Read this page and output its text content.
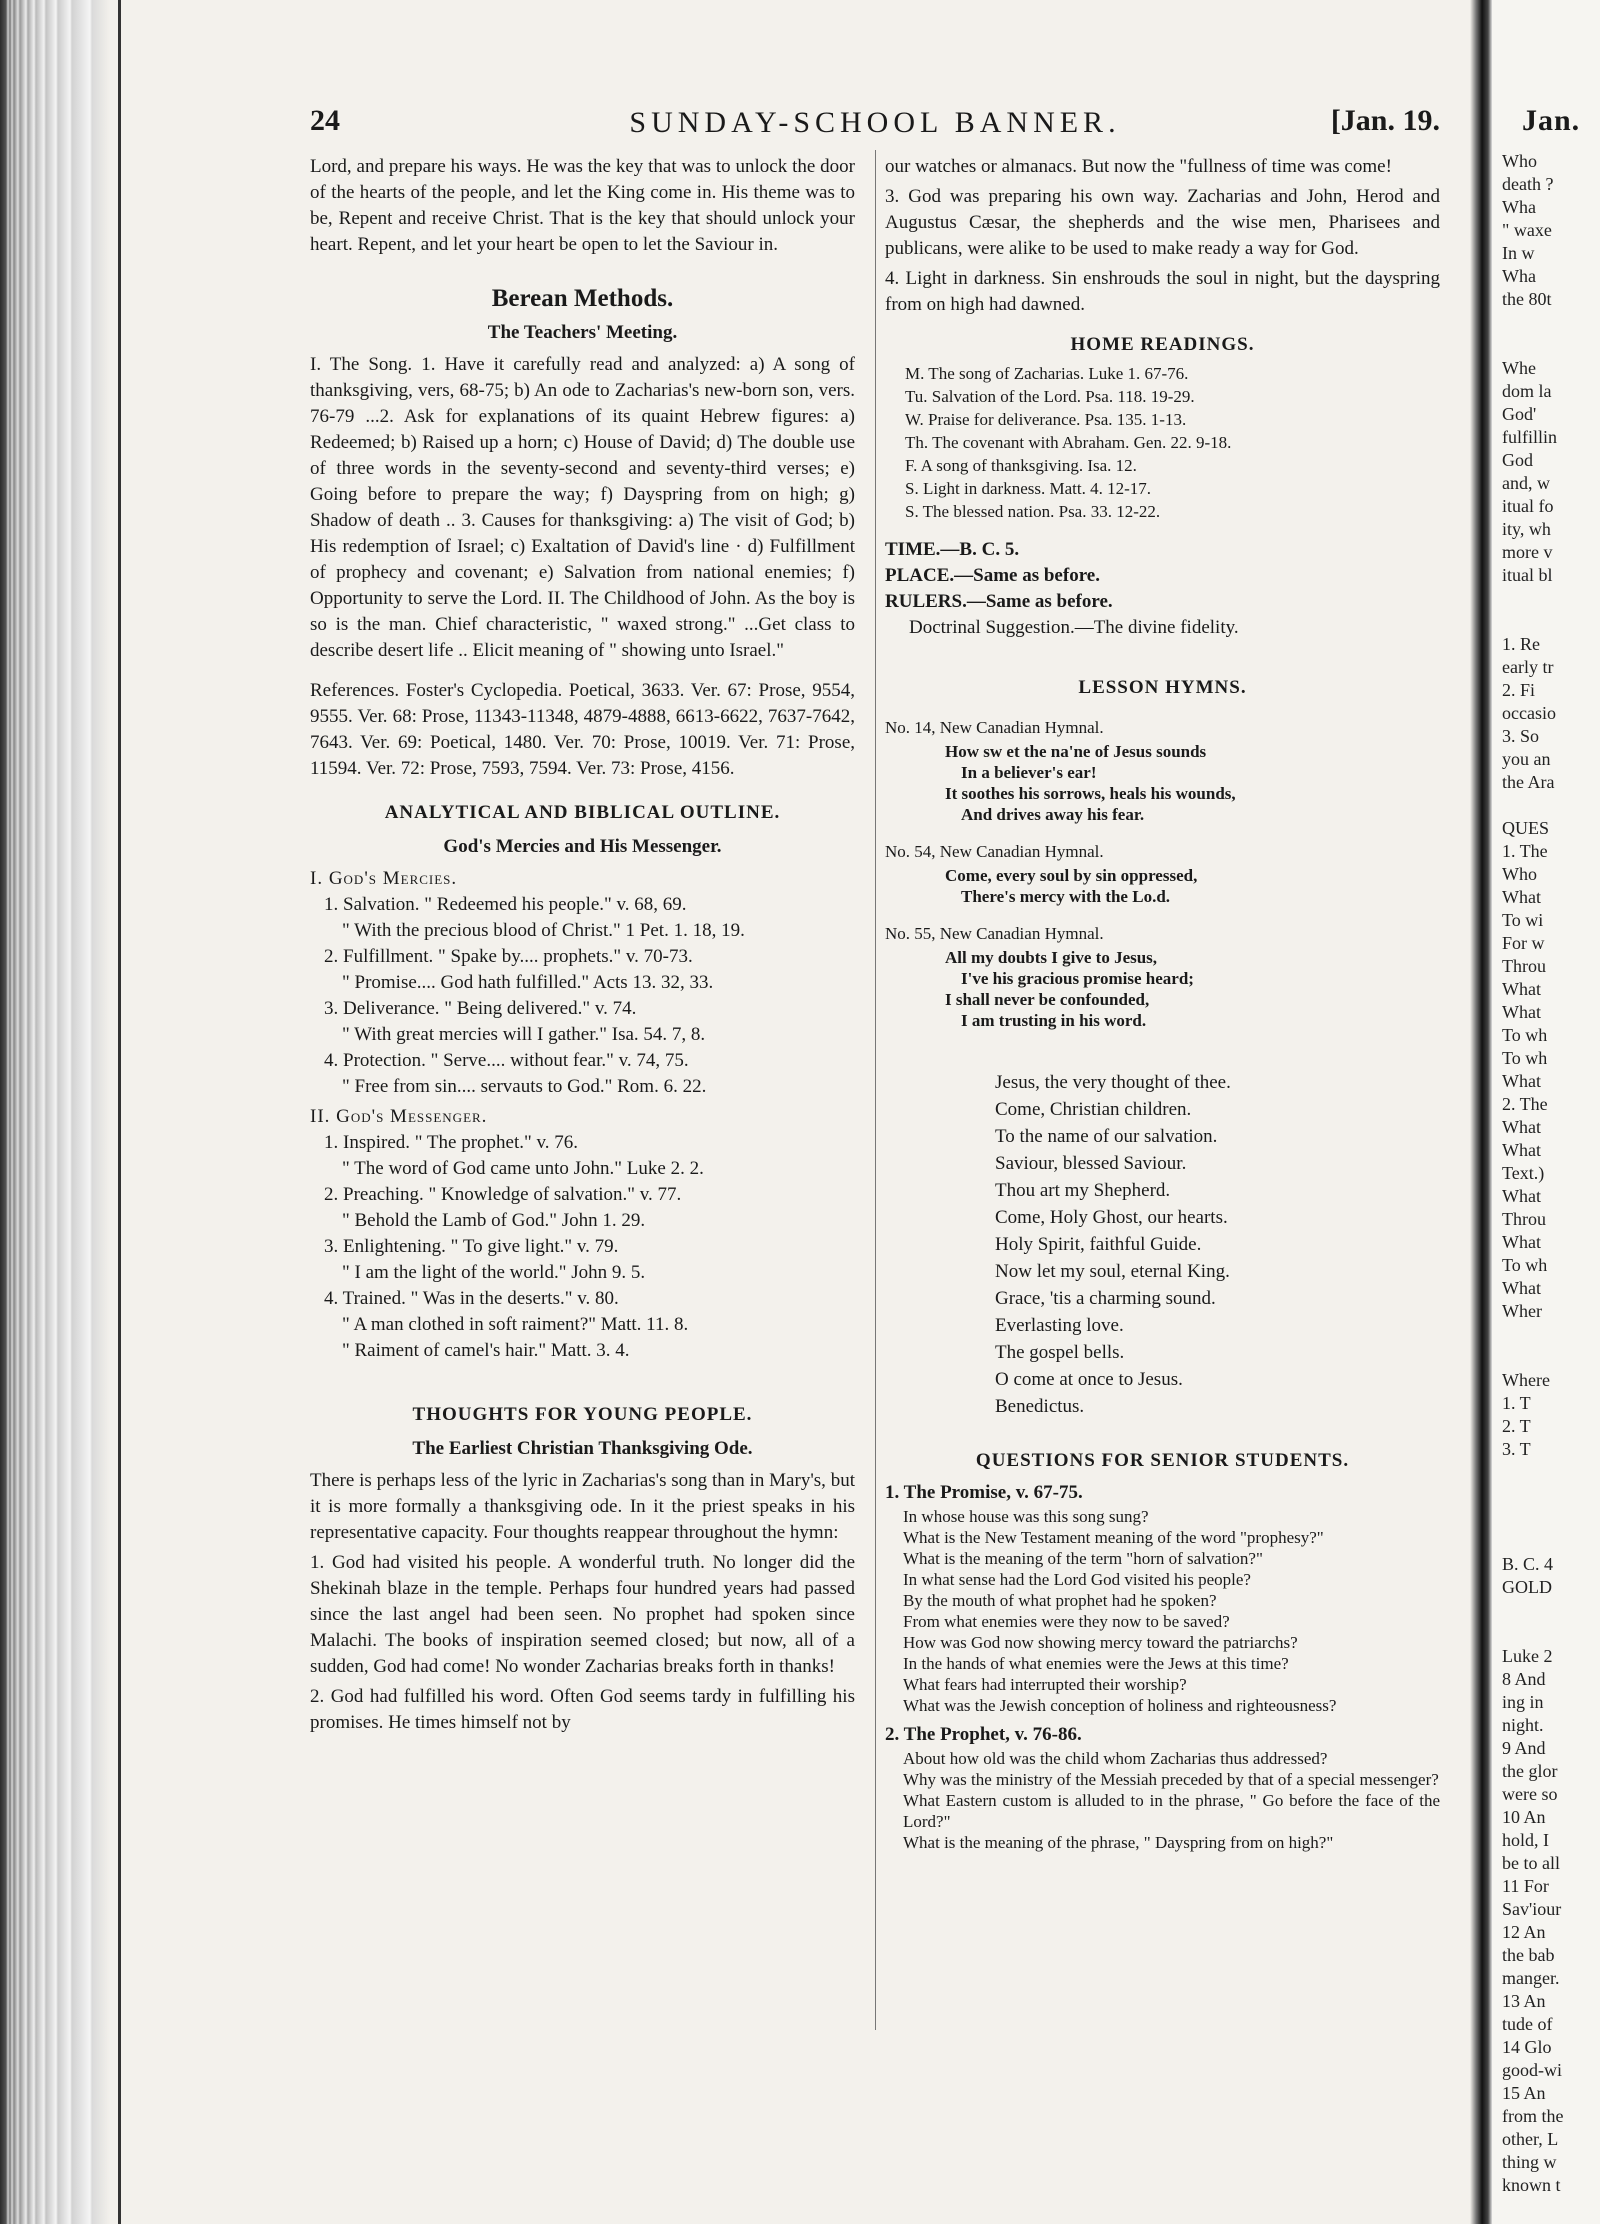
Jan.
Who
death ?
Wha
" waxe
In w
Wha
the 80t

Whe
dom la
God'
fulfillin
God
and, w
itual fo
ity, wh
more v
itual bl

1. Re
early tr
2. Fi
occasio
3. So
you an
the Ara

QUES
1. The
Who
What
To wi
For w
Throu
What
What
To wh
To wh
What
2. The
What
What
Text.)
What
Throu
What
To wh
What
Wher

Where
1. T
2. T
3. T

B. C. 4
GOLD

Luke 2
8 And
ing in
night.
9 And
the glor
were so
10 An
hold, I
be to all
11 For
Sav'iour
12 An
the bab
manger.
13 An
tude of
14 Glo
good-wi
15 An
from the
other, L
thing w
known t
24	SUNDAY-SCHOOL BANNER.	[Jan. 19.

Lord, and prepare his ways. He was the key that was to unlock the door of the hearts of the people, and let the King come in. His theme was to be, Repent and receive Christ. That is the key that should unlock your heart. Repent, and let your heart be open to let the Saviour in.

Berean Methods.
The Teachers' Meeting.

I. The Song. 1. Have it carefully read and analyzed: a) A song of thanksgiving, vers, 68-75; b) An ode to Zacharias's new-born son, vers. 76-79 ...2. Ask for explanations of its quaint Hebrew figures: a) Redeemed; b) Raised up a horn; c) House of David; d) The double use of three words in the seventy-second and seventy-third verses; e) Going before to prepare the way; f) Dayspring from on high; g) Shadow of death .. 3. Causes for thanksgiving: a) The visit of God; b) His redemption of Israel; c) Exaltation of David's line · d) Fulfillment of prophecy and covenant; e) Salvation from national enemies; f) Opportunity to serve the Lord. II. The Childhood of John. As the boy is so is the man. Chief characteristic, " waxed strong." ...Get class to describe desert life .. Elicit meaning of " showing unto Israel."

References. Foster's Cyclopedia. Poetical, 3633. Ver. 67: Prose, 9554, 9555. Ver. 68: Prose, 11343-11348, 4879-4888, 6613-6622, 7637-7642, 7643. Ver. 69: Poetical, 1480. Ver. 70: Prose, 10019. Ver. 71: Prose, 11594. Ver. 72: Prose, 7593, 7594. Ver. 73: Prose, 4156.

ANALYTICAL AND BIBLICAL OUTLINE.
God's Mercies and His Messenger.
I. God's Mercies.
1. Salvation. " Redeemed his people." v. 68, 69.
" With the precious blood of Christ." 1 Pet. 1. 18, 19.
2. Fulfillment. " Spake by.... prophets." v. 70-73.
" Promise.... God hath fulfilled." Acts 13. 32, 33.
3. Deliverance. " Being delivered." v. 74.
" With great mercies will I gather." Isa. 54. 7, 8.
4. Protection. " Serve.... without fear." v. 74, 75.
" Free from sin.... servauts to God." Rom. 6. 22.
II. God's Messenger.
1. Inspired. " The prophet." v. 76.
" The word of God came unto John." Luke 2. 2.
2. Preaching. " Knowledge of salvation." v. 77.
" Behold the Lamb of God." John 1. 29.
3. Enlightening. " To give light." v. 79.
" I am the light of the world." John 9. 5.
4. Trained. " Was in the deserts." v. 80.
" A man clothed in soft raiment?" Matt. 11. 8.
" Raiment of camel's hair." Matt. 3. 4.
THOUGHTS FOR YOUNG PEOPLE.
The Earliest Christian Thanksgiving Ode.

There is perhaps less of the lyric in Zacharias's song than in Mary's, but it is more formally a thanksgiving ode. In it the priest speaks in his representative capacity. Four thoughts reappear throughout the hymn:

1. God had visited his people. A wonderful truth. No longer did the Shekinah blaze in the temple. Perhaps four hundred years had passed since the last angel had been seen. No prophet had spoken since Malachi. The books of inspiration seemed closed; but now, all of a sudden, God had come! No wonder Zacharias breaks forth in thanks!

2. God had fulfilled his word. Often God seems tardy in fulfilling his promises. He times himself not by

our watches or almanacs. But now the "fullness of time was come!

3. God was preparing his own way. Zacharias and John, Herod and Augustus Cæsar, the shepherds and the wise men, Pharisees and publicans, were alike to be used to make ready a way for God.

4. Light in darkness. Sin enshrouds the soul in night, but the dayspring from on high had dawned.

HOME READINGS.
M. The song of Zacharias. Luke 1. 67-76.
Tu. Salvation of the Lord. Psa. 118. 19-29.
W. Praise for deliverance. Psa. 135. 1-13.
Th. The covenant with Abraham. Gen. 22. 9-18.
F. A song of thanksgiving. Isa. 12.
S. Light in darkness. Matt. 4. 12-17.
S. The blessed nation. Psa. 33. 12-22.
TIME.—B. C. 5.
PLACE.—Same as before.
RULERS.—Same as before.
Doctrinal Suggestion.—The divine fidelity.
LESSON HYMNS.
No. 14, New Canadian Hymnal.
How sw et the na'ne of Jesus sounds
In a believer's ear!
It soothes his sorrows, heals his wounds,
And drives away his fear.
No. 54, New Canadian Hymnal.
Come, every soul by sin oppressed,
There's mercy with the Lo.d.
No. 55, New Canadian Hymnal.
All my doubts I give to Jesus,
I've his gracious promise heard;
I shall never be confounded,
I am trusting in his word.
Jesus, the very thought of thee.
Come, Christian children.
To the name of our salvation.
Saviour, blessed Saviour.
Thou art my Shepherd.
Come, Holy Ghost, our hearts.
Holy Spirit, faithful Guide.
Now let my soul, eternal King.
Grace, 'tis a charming sound.
Everlasting love.
The gospel bells.
O come at once to Jesus.
Benedictus.
QUESTIONS FOR SENIOR STUDENTS.
1. The Promise, v. 67-75.
In whose house was this song sung?
What is the New Testament meaning of the word "prophesy?"
What is the meaning of the term "horn of salvation?"
In what sense had the Lord God visited his people?
By the mouth of what prophet had he spoken?
From what enemies were they now to be saved?
How was God now showing mercy toward the patriarchs?
In the hands of what enemies were the Jews at this time?
What fears had interrupted their worship?
What was the Jewish conception of holiness and righteousness?
2. The Prophet, v. 76-86.
About how old was the child whom Zacharias thus addressed?
Why was the ministry of the Messiah preceded by that of a special messenger?
What Eastern custom is alluded to in the phrase, " Go before the face of the Lord?"
What is the meaning of the phrase, " Dayspring from on high?"
